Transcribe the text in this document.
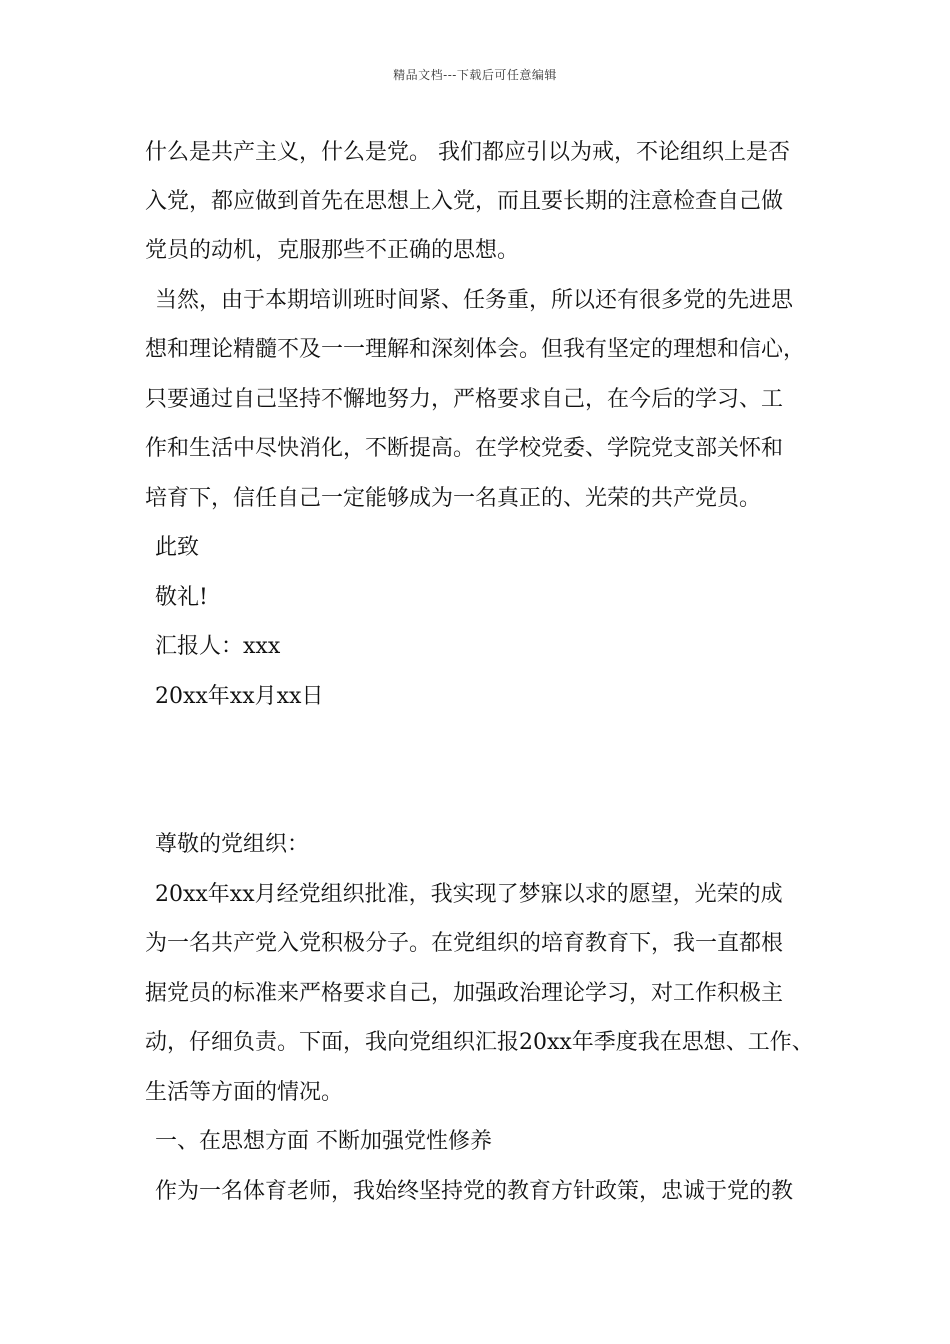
精品文档---下载后可任意编辑
什么是共产主义，什么是党。 我们都应引以为戒，不论组织上是否
入党，都应做到首先在思想上入党，而且要长期的注意检查自己做
党员的动机，克服那些不正确的思想。
当然，由于本期培训班时间紧、任务重，所以还有很多党的先进思
想和理论精髓不及一一理解和深刻体会。但我有坚定的理想和信心，
只要通过自己坚持不懈地努力，严格要求自己，在今后的学习、工
作和生活中尽快消化，不断提高。在学校党委、学院党支部关怀和
培育下，信任自己一定能够成为一名真正的、光荣的共产党员。
此致
敬礼!
汇报人：xxx
20xx年xx月xx日
尊敬的党组织：
20xx年xx月经党组织批准，我实现了梦寐以求的愿望，光荣的成
为一名共产党入党积极分子。在党组织的培育教育下，我一直都根
据党员的标准来严格要求自己，加强政治理论学习，对工作积极主
动，仔细负责。下面，我向党组织汇报20xx年季度我在思想、工作、
生活等方面的情况。
一、在思想方面 不断加强党性修养
作为一名体育老师，我始终坚持党的教育方针政策，忠诚于党的教
